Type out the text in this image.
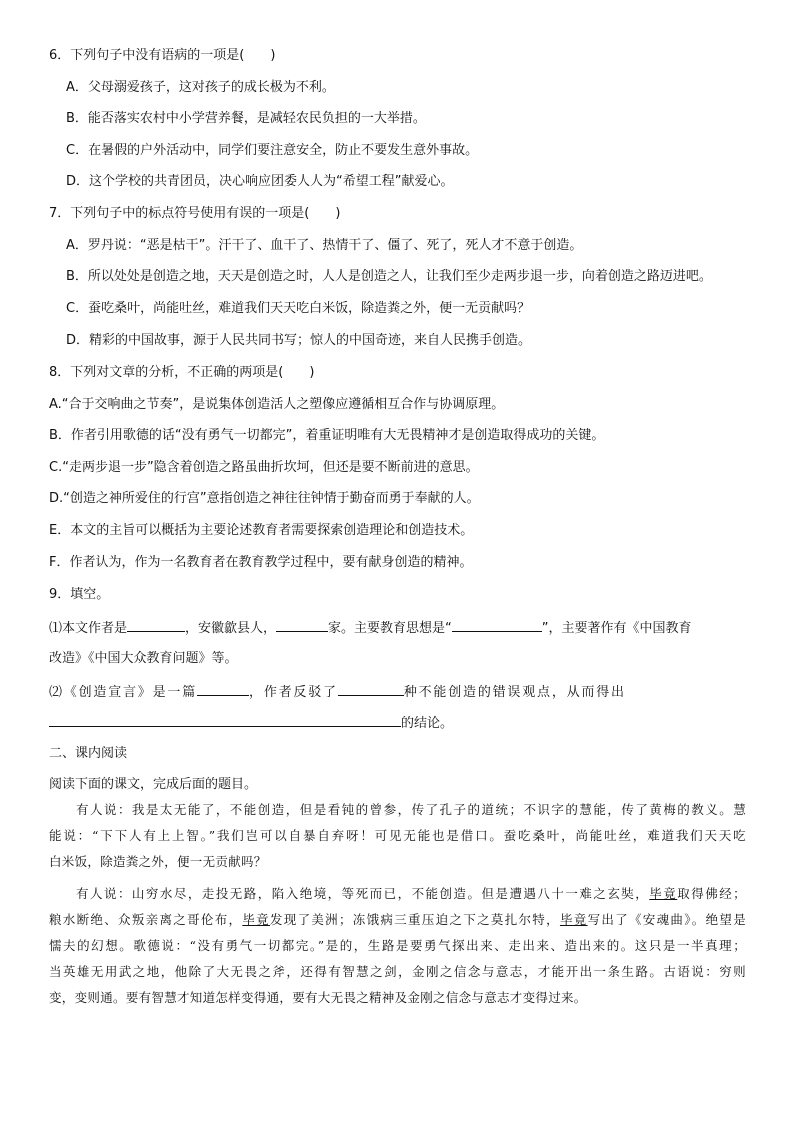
6．下列句子中没有语病的一项是(　　)
A．父母溺爱孩子，这对孩子的成长极为不利。
B．能否落实农村中小学营养餐，是减轻农民负担的一大举措。
C．在暑假的户外活动中，同学们要注意安全，防止不要发生意外事故。
D．这个学校的共青团员，决心响应团委人人为“希望工程”献爱心。
7．下列句子中的标点符号使用有误的一项是(　　)
A．罗丹说：“恶是枯干”。汗干了、血干了、热情干了、僵了、死了，死人才不意于创造。
B．所以处处是创造之地，天天是创造之时，人人是创造之人，让我们至少走两步退一步，向着创造之路迈进吧。
C．蚕吃桑叶，尚能吐丝，难道我们天天吃白米饭，除造粪之外，便一无贡献吗？
D．精彩的中国故事，源于人民共同书写；惊人的中国奇迹，来自人民携手创造。
8．下列对文章的分析，不正确的两项是(　　)
A.“合于交响曲之节奏”，是说集体创造活人之塑像应遵循相互合作与协调原理。
B．作者引用歌德的话“没有勇气一切都完”，着重证明唯有大无畏精神才是创造取得成功的关键。
C.“走两步退一步”隐含着创造之路虽曲折坎坷，但还是要不断前进的意思。
D.“创造之神所爱住的行宫”意指创造之神往往钟情于勤奋而勇于奉献的人。
E．本文的主旨可以概括为主要论述教育者需要探索创造理论和创造技术。
F．作者认为，作为一名教育者在教育教学过程中，要有献身创造的精神。
9．填空。
⑴本文作者是	，安徽歙县人，	家。主要教育思想是“	”，主要著作有《中国教育
改造》《中国大众教育问题》等。
⑵《创造宣言》是一篇	，作者反驳了	种不能创造的错误观点，从而得出
的结论。
二、课内阅读
阅读下面的课文，完成后面的题目。
有人说：我是太无能了，不能创造，但是看钝的曾参，传了孔子的道统；不识字的慧能，传了黄梅的教义。慧
能说：“下下人有上上智。”我们岂可以自暴自弃呀！可见无能也是借口。蚕吃桑叶，尚能吐丝，难道我们天天吃
白米饭，除造粪之外，便一无贡献吗？
有人说：山穷水尽，走投无路，陷入绝境，等死而已，不能创造。但是遭遇八十一难之玄奘，毕竟取得佛经；
粮水断绝、众叛亲离之哥伦布，毕竟发现了美洲；冻饿病三重压迫之下之莫扎尔特，毕竟写出了《安魂曲》。绝望是
懦夫的幻想。歌德说：“没有勇气一切都完。”是的，生路是要勇气探出来、走出来、造出来的。这只是一半真理；
当英雄无用武之地，他除了大无畏之斧，还得有智慧之剑，金刚之信念与意志，才能开出一条生路。古语说：穷则
变，变则通。要有智慧才知道怎样变得通，要有大无畏之精神及金刚之信念与意志才变得过来。
